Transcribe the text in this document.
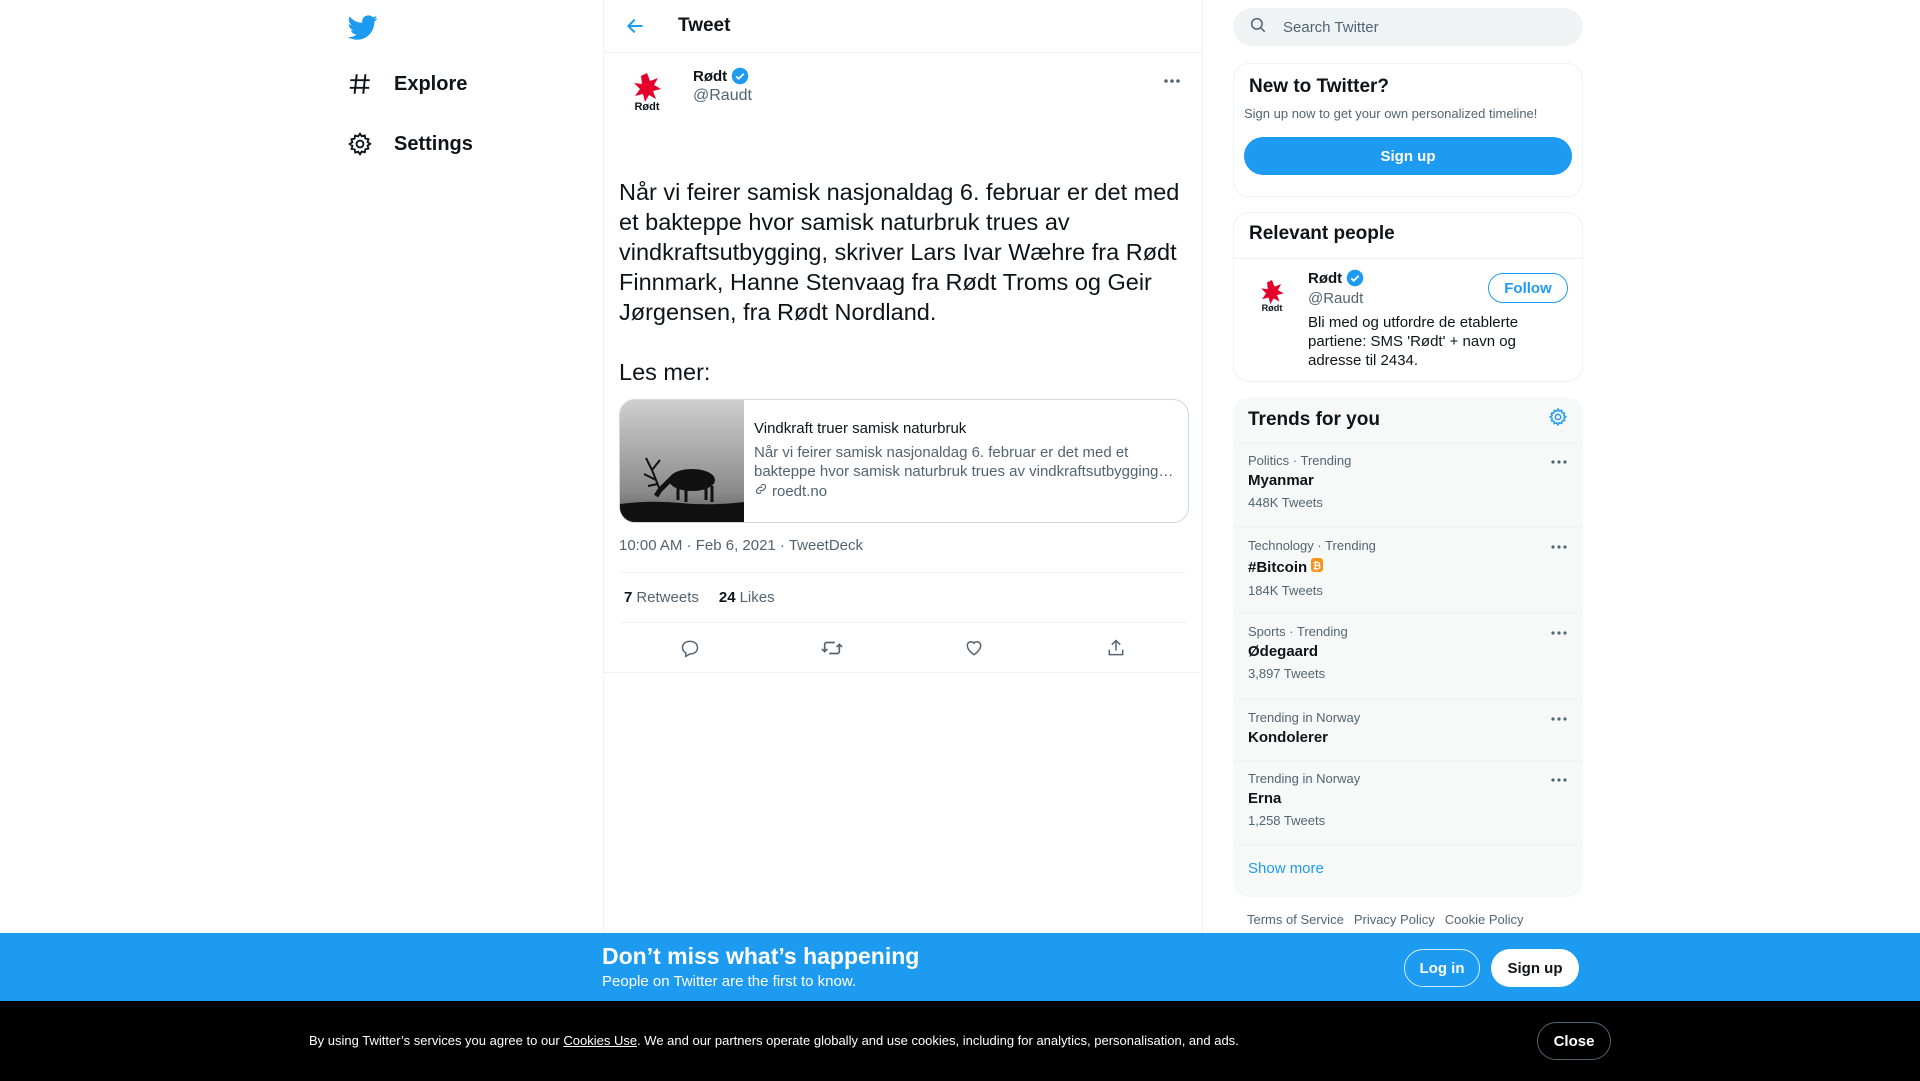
Explore
Settings
Tweet
Rødt
Rødt
@Raudt

Når vi feirer samisk nasjonaldag 6. februar er det med et bakteppe hvor samisk naturbruk trues av vindkraftsutbygging, skriver Lars Ivar Wæhre fra Rødt Finnmark, Hanne Stenvaag fra Rødt Troms og Geir Jørgensen, fra Rødt Nordland.

Les mer:

Vindkraft truer samisk naturbruk
Når vi feirer samisk nasjonaldag 6. februar er det med et bakteppe hvor samisk naturbruk trues av vindkraftsutbygging…
roedt.no
10:00 AM · Feb 6, 2021 · TweetDeck
7 Retweets 24 Likes
Search Twitter
New to Twitter?
Sign up now to get your own personalized timeline!
Sign up
Relevant people
Rødt
Rødt
@Raudt
Bli med og utfordre de etablerte partiene: SMS 'Rødt' + navn og adresse til 2434.
Follow
Trends for you
Politics · Trending
Myanmar
448K Tweets
Technology · Trending
#Bitcoin ₿
184K Tweets
Sports · Trending
Ødegaard
3,897 Tweets
Trending in Norway
Kondolerer
Trending in Norway
Erna
1,258 Tweets
Show more
Terms of Service Privacy Policy Cookie Policy
Don’t miss what’s happening
People on Twitter are the first to know.
Log in	Sign up
By using Twitter’s services you agree to our Cookies Use. We and our partners operate globally and use cookies, including for analytics, personalisation, and ads.	Close
